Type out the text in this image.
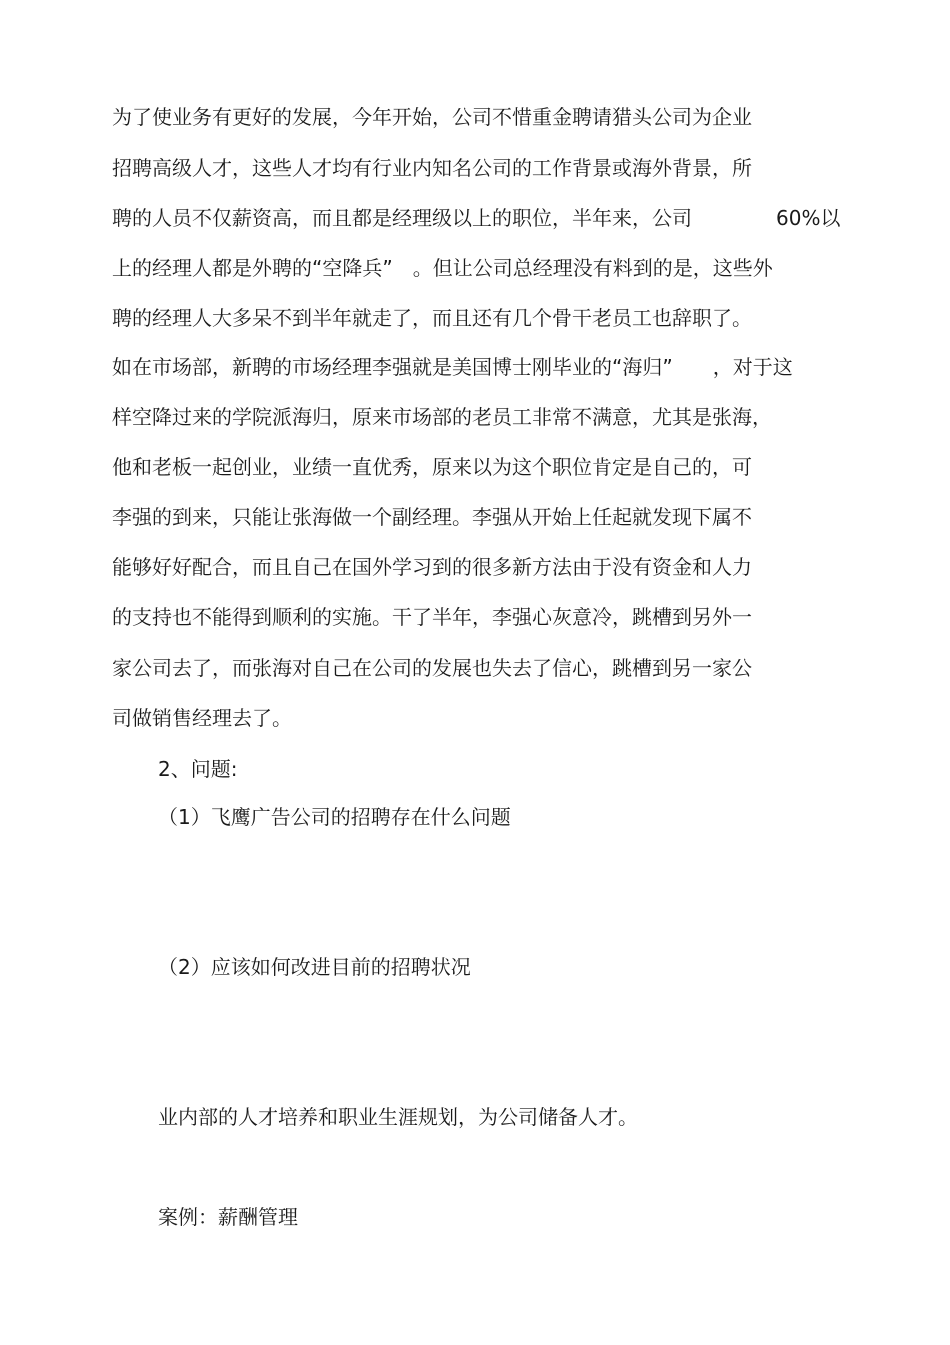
为了使业务有更好的发展，今年开始，公司不惜重金聘请猎头公司为企业
招聘高级人才，这些人才均有行业内知名公司的工作背景或海外背景，所
聘的人员不仅薪资高，而且都是经理级以上的职位，半年来，公司	60%以
上的经理人都是外聘的“空降兵”　。但让公司总经理没有料到的是，这些外
聘的经理人大多呆不到半年就走了，而且还有几个骨干老员工也辞职了。
如在市场部，新聘的市场经理李强就是美国博士刚毕业的“海归”　　，对于这
样空降过来的学院派海归，原来市场部的老员工非常不满意，尤其是张海，
他和老板一起创业，业绩一直优秀，原来以为这个职位肯定是自己的，可
李强的到来，只能让张海做一个副经理。李强从开始上任起就发现下属不
能够好好配合，而且自己在国外学习到的很多新方法由于没有资金和人力
的支持也不能得到顺利的实施。干了半年，李强心灰意冷，跳槽到另外一
家公司去了，而张海对自己在公司的发展也失去了信心，跳槽到另一家公
司做销售经理去了。
2、问题:
（1）飞鹰广告公司的招聘存在什么问题
（2）应该如何改进目前的招聘状况
业内部的人才培养和职业生涯规划，为公司储备人才。
案例：薪酬管理
